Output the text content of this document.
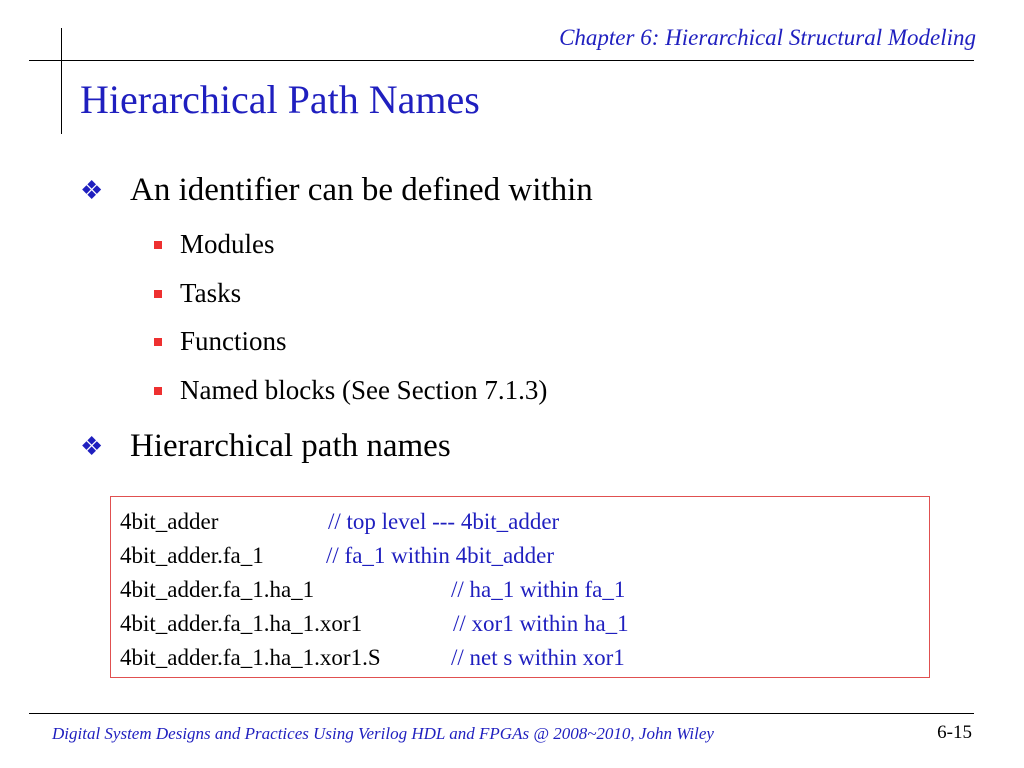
Chapter 6: Hierarchical Structural Modeling
Hierarchical Path Names
❖ An identifier can be defined within
Modules
Tasks
Functions
Named blocks (See Section 7.1.3)
❖ Hierarchical path names
4bit_adder	// top level --- 4bit_adder
4bit_adder.fa_1	// fa_1 within 4bit_adder
4bit_adder.fa_1.ha_1	// ha_1 within fa_1
4bit_adder.fa_1.ha_1.xor1	// xor1 within ha_1
4bit_adder.fa_1.ha_1.xor1.S	// net s within xor1
Digital System Designs and Practices Using Verilog HDL and FPGAs @ 2008~2010, John Wiley	6-15
